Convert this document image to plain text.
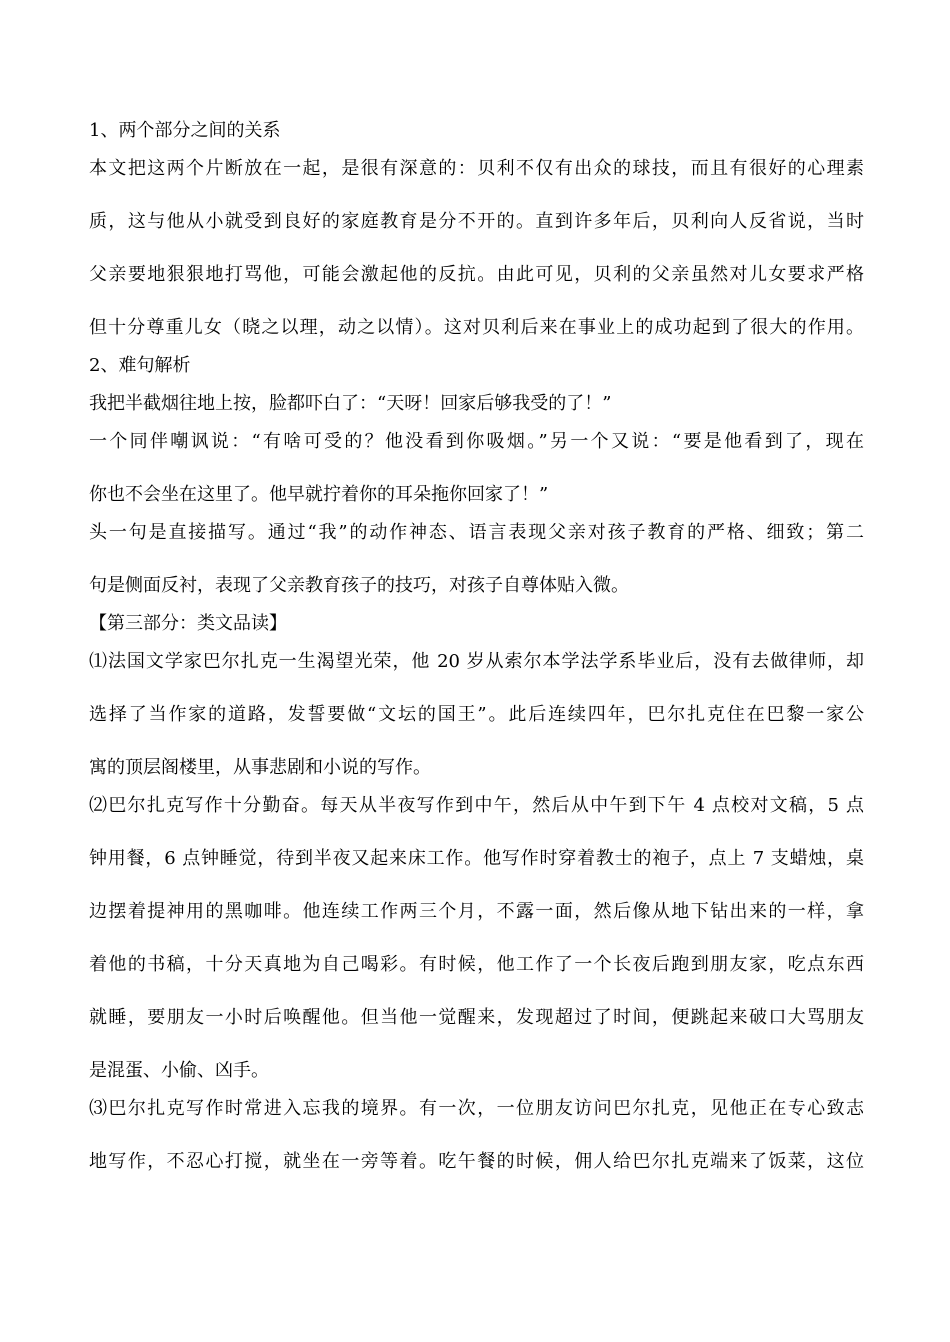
1、两个部分之间的关系
本文把这两个片断放在一起，是很有深意的：贝利不仅有出众的球技，而且有很好的心理素
质，这与他从小就受到良好的家庭教育是分不开的。直到许多年后，贝利向人反省说，当时
父亲要地狠狠地打骂他，可能会激起他的反抗。由此可见，贝利的父亲虽然对儿女要求严格
但十分尊重儿女（晓之以理，动之以情）。这对贝利后来在事业上的成功起到了很大的作用。
2、难句解析
我把半截烟往地上按，脸都吓白了：“天呀！回家后够我受的了！”
一个同伴嘲讽说：“有啥可受的？他没看到你吸烟。”另一个又说：“要是他看到了，现在
你也不会坐在这里了。他早就拧着你的耳朵拖你回家了！”
头一句是直接描写。通过“我”的动作神态、语言表现父亲对孩子教育的严格、细致；第二
句是侧面反衬，表现了父亲教育孩子的技巧，对孩子自尊体贴入微。
【第三部分：类文品读】
⑴法国文学家巴尔扎克一生渴望光荣，他 20 岁从索尔本学法学系毕业后，没有去做律师，却
选择了当作家的道路，发誓要做“文坛的国王”。此后连续四年，巴尔扎克住在巴黎一家公
寓的顶层阁楼里，从事悲剧和小说的写作。
⑵巴尔扎克写作十分勤奋。每天从半夜写作到中午，然后从中午到下午 4 点校对文稿，5 点
钟用餐，6 点钟睡觉，待到半夜又起来床工作。他写作时穿着教士的袍子，点上 7 支蜡烛，桌
边摆着提神用的黑咖啡。他连续工作两三个月，不露一面，然后像从地下钻出来的一样，拿
着他的书稿，十分天真地为自己喝彩。有时候，他工作了一个长夜后跑到朋友家，吃点东西
就睡，要朋友一小时后唤醒他。但当他一觉醒来，发现超过了时间，便跳起来破口大骂朋友
是混蛋、小偷、凶手。
⑶巴尔扎克写作时常进入忘我的境界。有一次，一位朋友访问巴尔扎克，见他正在专心致志
地写作，不忍心打搅，就坐在一旁等着。吃午餐的时候，佣人给巴尔扎克端来了饭菜，这位
